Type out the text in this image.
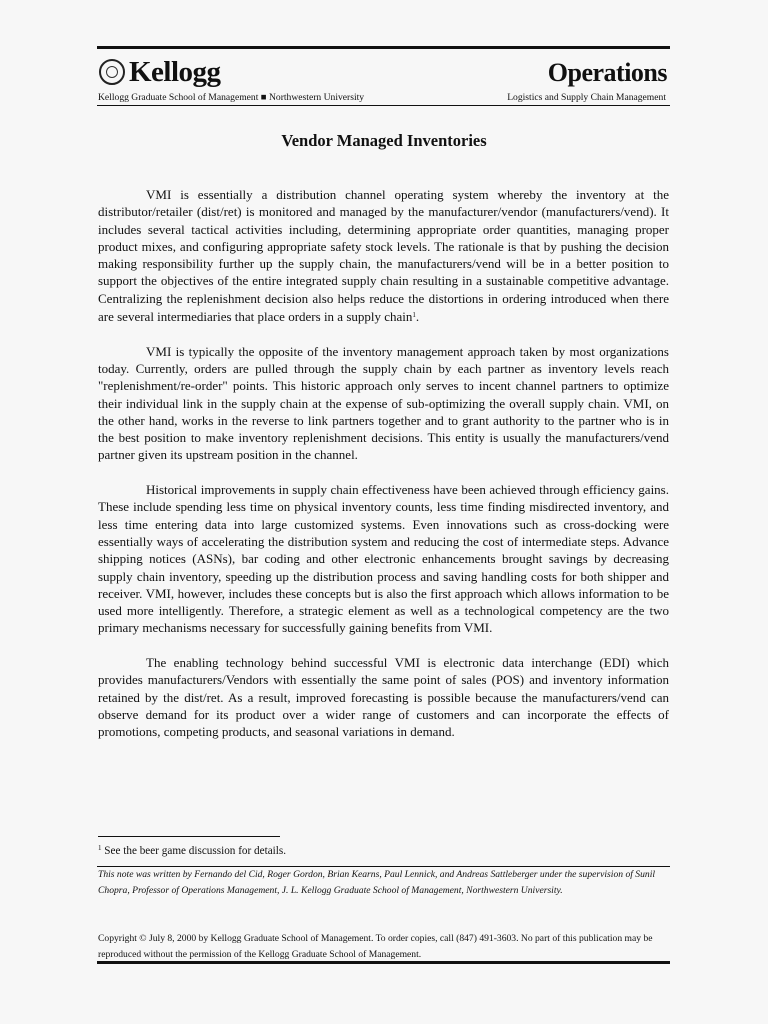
Kellogg	Operations
Kellogg Graduate School of Management ■ Northwestern University	Logistics and Supply Chain Management
Vendor Managed Inventories

VMI is essentially a distribution channel operating system whereby the inventory at the distributor/retailer (dist/ret) is monitored and managed by the manufacturer/vendor (manufacturers/vend). It includes several tactical activities including, determining appropriate order quantities, managing proper product mixes, and configuring appropriate safety stock levels. The rationale is that by pushing the decision making responsibility further up the supply chain, the manufacturers/vend will be in a better position to support the objectives of the entire integrated supply chain resulting in a sustainable competitive advantage. Centralizing the replenishment decision also helps reduce the distortions in ordering introduced when there are several intermediaries that place orders in a supply chain$^1$.

VMI is typically the opposite of the inventory management approach taken by most organizations today. Currently, orders are pulled through the supply chain by each partner as inventory levels reach "replenishment/re-order" points. This historic approach only serves to incent channel partners to optimize their individual link in the supply chain at the expense of sub-optimizing the overall supply chain. VMI, on the other hand, works in the reverse to link partners together and to grant authority to the partner who is in the best position to make inventory replenishment decisions. This entity is usually the manufacturers/vend partner given its upstream position in the channel.

Historical improvements in supply chain effectiveness have been achieved through efficiency gains. These include spending less time on physical inventory counts, less time finding misdirected inventory, and less time entering data into large customized systems. Even innovations such as cross-docking were essentially ways of accelerating the distribution system and reducing the cost of intermediate steps. Advance shipping notices (ASNs), bar coding and other electronic enhancements brought savings by decreasing supply chain inventory, speeding up the distribution process and saving handling costs for both shipper and receiver. VMI, however, includes these concepts but is also the first approach which allows information to be used more intelligently. Therefore, a strategic element as well as a technological competency are the two primary mechanisms necessary for successfully gaining benefits from VMI.

The enabling technology behind successful VMI is electronic data interchange (EDI) which provides manufacturers/Vendors with essentially the same point of sales (POS) and inventory information retained by the dist/ret. As a result, improved forecasting is possible because the manufacturers/vend can observe demand for its product over a wider range of customers and can incorporate the effects of promotions, competing products, and seasonal variations in demand.

$^1$ See the beer game discussion for details.
This note was written by Fernando del Cid, Roger Gordon, Brian Kearns, Paul Lennick, and Andreas Sattleberger under the supervision of Sunil Chopra, Professor of Operations Management, J. L. Kellogg Graduate School of Management, Northwestern University.
Copyright © July 8, 2000 by Kellogg Graduate School of Management. To order copies, call (847) 491-3603. No part of this publication may be reproduced without the permission of the Kellogg Graduate School of Management.
